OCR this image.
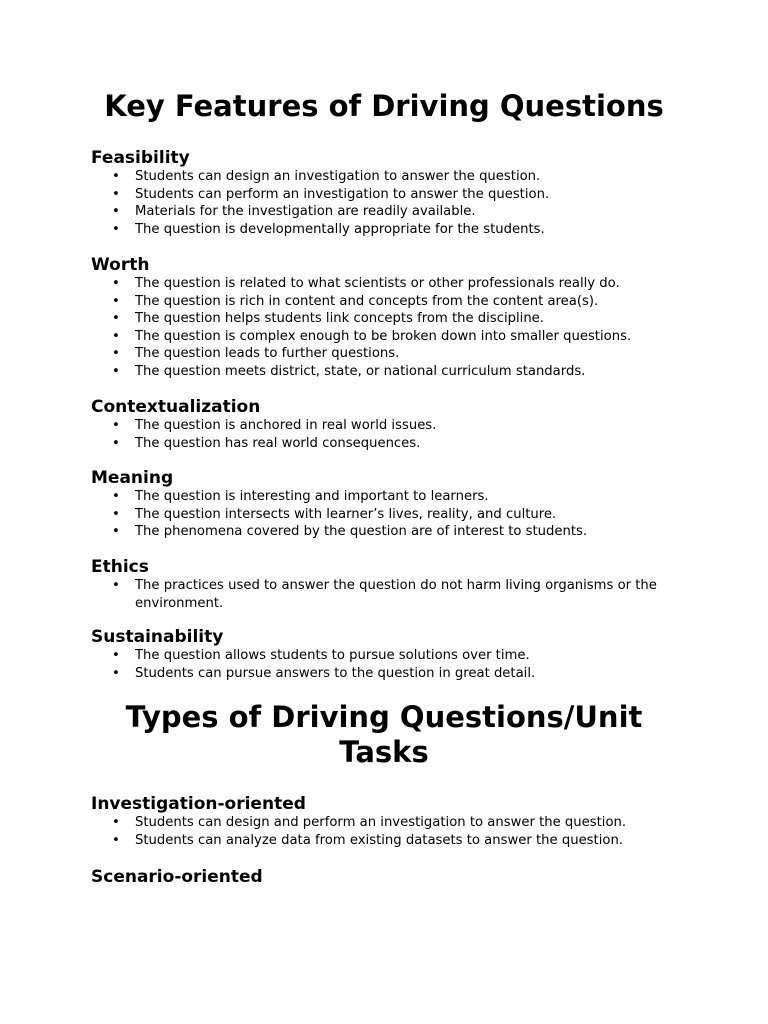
Key Features of Driving Questions
Feasibility
• Students can design an investigation to answer the question.
• Students can perform an investigation to answer the question.
• Materials for the investigation are readily available.
• The question is developmentally appropriate for the students.
Worth
• The question is related to what scientists or other professionals really do.
• The question is rich in content and concepts from the content area(s).
• The question helps students link concepts from the discipline.
• The question is complex enough to be broken down into smaller questions.
• The question leads to further questions.
• The question meets district, state, or national curriculum standards.
Contextualization
• The question is anchored in real world issues.
• The question has real world consequences.
Meaning
• The question is interesting and important to learners.
• The question intersects with learner’s lives, reality, and culture.
• The phenomena covered by the question are of interest to students.
Ethics
• The practices used to answer the question do not harm living organisms or the environment.
Sustainability
• The question allows students to pursue solutions over time.
• Students can pursue answers to the question in great detail.
Types of Driving Questions/Unit Tasks
Investigation-oriented
• Students can design and perform an investigation to answer the question.
• Students can analyze data from existing datasets to answer the question.
Scenario-oriented
